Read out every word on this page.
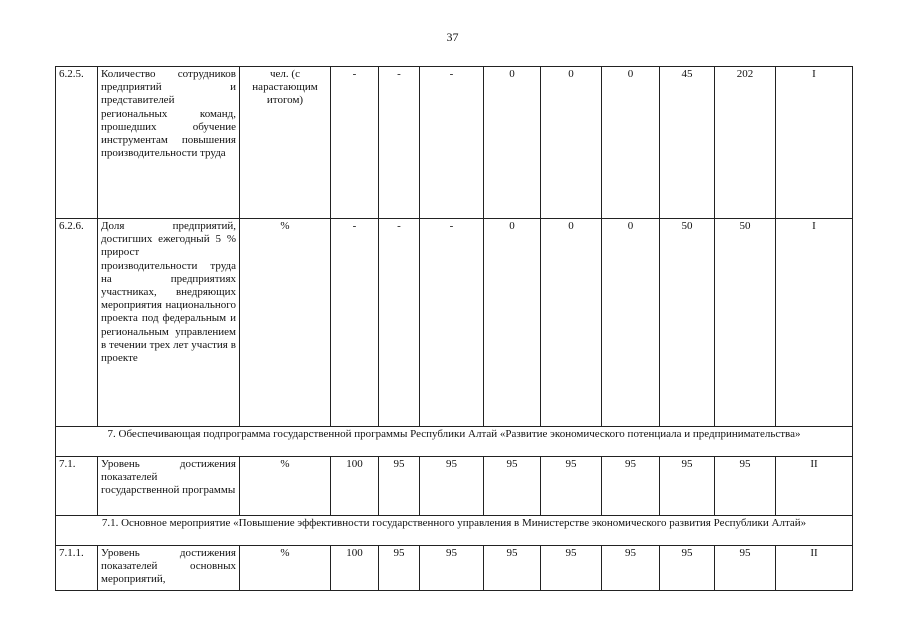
37
6.2.5.	Количество сотрудников предприятий и представителей региональных команд, прошедших обучение инструментам повышения производительности труда	чел. (с нарастающим итогом)	-	-	-	0	0	0	45	202	I
6.2.6.	Доля предприятий, достигших ежегодный 5 % прирост производительности труда на предприятиях участниках, внедряющих мероприятия национального проекта под федеральным и региональным управлением в течении трех лет участия в проекте	%	-	-	-	0	0	0	50	50	I
7. Обеспечивающая подпрограмма государственной программы Республики Алтай «Развитие экономического потенциала и предпринимательства»											
7.1.	Уровень достижения показателей государственной программы	%	100	95	95	95	95	95	95	95	II
7.1. Основное мероприятие «Повышение эффективности государственного управления в Министерстве экономического развития Республики Алтай»											
7.1.1.	Уровень достижения показателей основных мероприятий,	%	100	95	95	95	95	95	95	95	II
